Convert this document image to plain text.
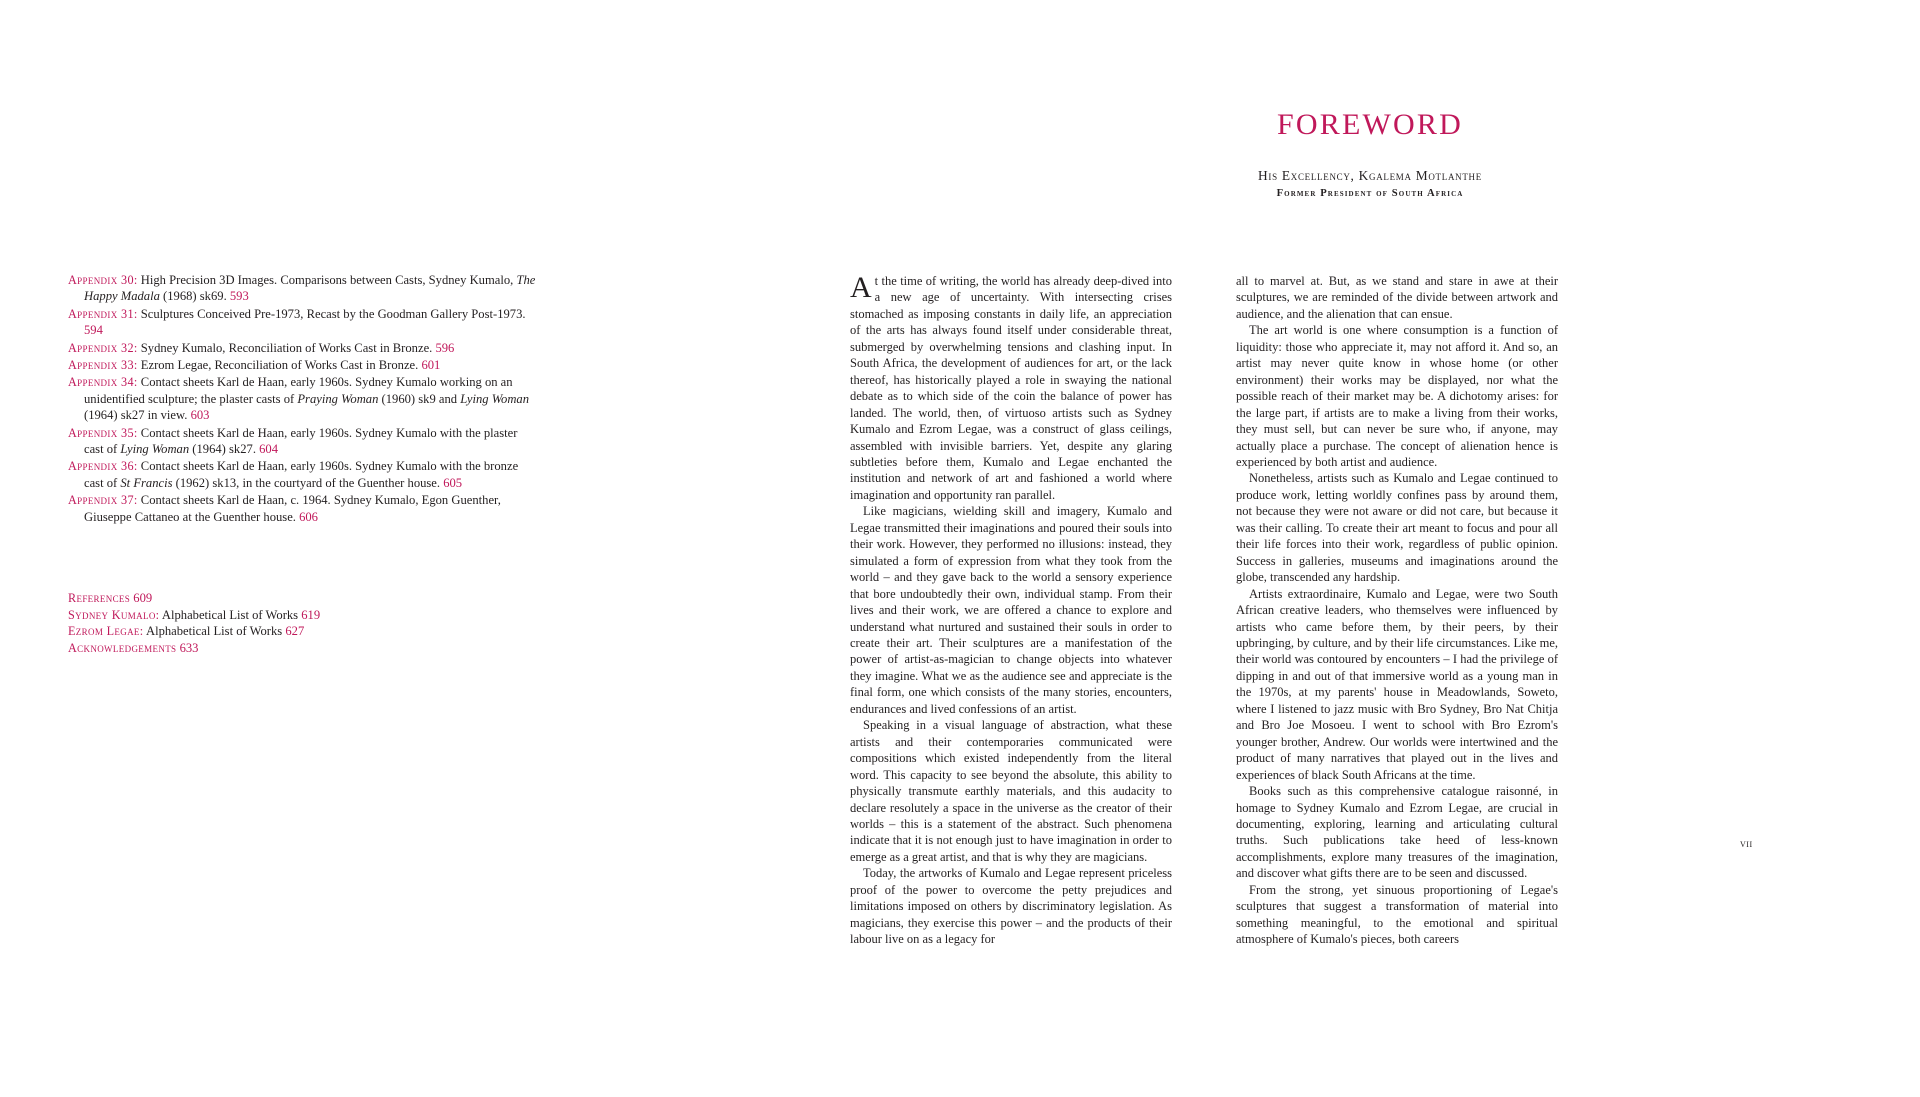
Appendix 30: High Precision 3D Images. Comparisons between Casts, Sydney Kumalo, The Happy Madala (1968) sk69. 593
Appendix 31: Sculptures Conceived Pre-1973, Recast by the Goodman Gallery Post-1973. 594
Appendix 32: Sydney Kumalo, Reconciliation of Works Cast in Bronze. 596
Appendix 33: Ezrom Legae, Reconciliation of Works Cast in Bronze. 601
Appendix 34: Contact sheets Karl de Haan, early 1960s. Sydney Kumalo working on an unidentified sculpture; the plaster casts of Praying Woman (1960) sk9 and Lying Woman (1964) sk27 in view. 603
Appendix 35: Contact sheets Karl de Haan, early 1960s. Sydney Kumalo with the plaster cast of Lying Woman (1964) sk27. 604
Appendix 36: Contact sheets Karl de Haan, early 1960s. Sydney Kumalo with the bronze cast of St Francis (1962) sk13, in the courtyard of the Guenther house. 605
Appendix 37: Contact sheets Karl de Haan, c. 1964. Sydney Kumalo, Egon Guenther, Giuseppe Cattaneo at the Guenther house. 606
References 609
Sydney Kumalo: Alphabetical List of Works 619
Ezrom Legae: Alphabetical List of Works 627
Acknowledgements 633
FOREWORD
His Excellency, Kgalema Motlanthe
Former President of South Africa

At the time of writing, the world has already deep-dived into a new age of uncertainty. With intersecting crises stomached as imposing constants in daily life, an appreciation of the arts has always found itself under considerable threat, submerged by overwhelming tensions and clashing input. In South Africa, the development of audiences for art, or the lack thereof, has historically played a role in swaying the national debate as to which side of the coin the balance of power has landed. The world, then, of virtuoso artists such as Sydney Kumalo and Ezrom Legae, was a construct of glass ceilings, assembled with invisible barriers. Yet, despite any glaring subtleties before them, Kumalo and Legae enchanted the institution and network of art and fashioned a world where imagination and opportunity ran parallel.

Like magicians, wielding skill and imagery, Kumalo and Legae transmitted their imaginations and poured their souls into their work. However, they performed no illusions: instead, they simulated a form of expression from what they took from the world – and they gave back to the world a sensory experience that bore undoubtedly their own, individual stamp. From their lives and their work, we are offered a chance to explore and understand what nurtured and sustained their souls in order to create their art. Their sculptures are a manifestation of the power of artist-as-magician to change objects into whatever they imagine. What we as the audience see and appreciate is the final form, one which consists of the many stories, encounters, endurances and lived confessions of an artist.

Speaking in a visual language of abstraction, what these artists and their contemporaries communicated were compositions which existed independently from the literal word. This capacity to see beyond the absolute, this ability to physically transmute earthly materials, and this audacity to declare resolutely a space in the universe as the creator of their worlds – this is a statement of the abstract. Such phenomena indicate that it is not enough just to have imagination in order to emerge as a great artist, and that is why they are magicians.

Today, the artworks of Kumalo and Legae represent priceless proof of the power to overcome the petty prejudices and limitations imposed on others by discriminatory legislation. As magicians, they exercise this power – and the products of their labour live on as a legacy for

all to marvel at. But, as we stand and stare in awe at their sculptures, we are reminded of the divide between artwork and audience, and the alienation that can ensue.

The art world is one where consumption is a function of liquidity: those who appreciate it, may not afford it. And so, an artist may never quite know in whose home (or other environment) their works may be displayed, nor what the possible reach of their market may be. A dichotomy arises: for the large part, if artists are to make a living from their works, they must sell, but can never be sure who, if anyone, may actually place a purchase. The concept of alienation hence is experienced by both artist and audience.

Nonetheless, artists such as Kumalo and Legae continued to produce work, letting worldly confines pass by around them, not because they were not aware or did not care, but because it was their calling. To create their art meant to focus and pour all their life forces into their work, regardless of public opinion. Success in galleries, museums and imaginations around the globe, transcended any hardship.

Artists extraordinaire, Kumalo and Legae, were two South African creative leaders, who themselves were influenced by artists who came before them, by their peers, by their upbringing, by culture, and by their life circumstances. Like me, their world was contoured by encounters – I had the privilege of dipping in and out of that immersive world as a young man in the 1970s, at my parents' house in Meadowlands, Soweto, where I listened to jazz music with Bro Sydney, Bro Nat Chitja and Bro Joe Mosoeu. I went to school with Bro Ezrom's younger brother, Andrew. Our worlds were intertwined and the product of many narratives that played out in the lives and experiences of black South Africans at the time.

Books such as this comprehensive catalogue raisonné, in homage to Sydney Kumalo and Ezrom Legae, are crucial in documenting, exploring, learning and articulating cultural truths. Such publications take heed of less-known accomplishments, explore many treasures of the imagination, and discover what gifts there are to be seen and discussed.

From the strong, yet sinuous proportioning of Legae's sculptures that suggest a transformation of material into something meaningful, to the emotional and spiritual atmosphere of Kumalo's pieces, both careers

vii
